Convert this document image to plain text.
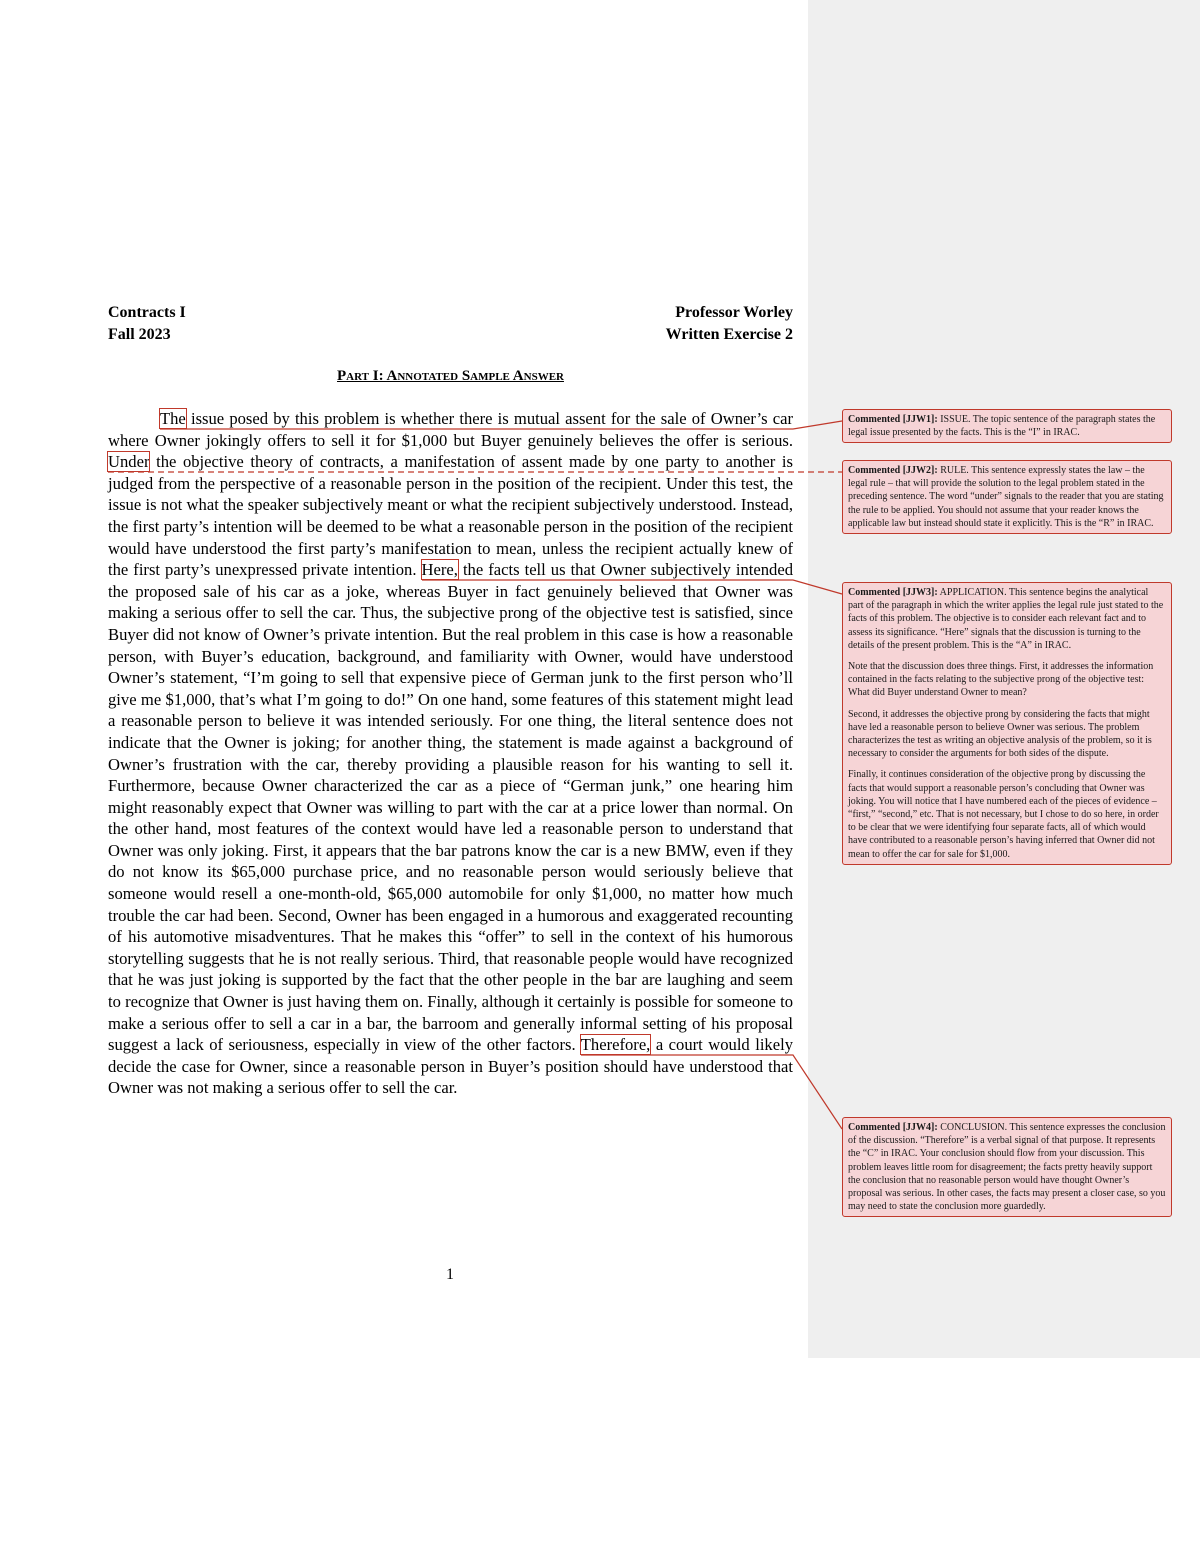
Contracts I
Fall 2023
Professor Worley
Written Exercise 2
Part I: Annotated Sample Answer

The issue posed by this problem is whether there is mutual assent for the sale of Owner’s car where Owner jokingly offers to sell it for $1,000 but Buyer genuinely believes the offer is serious. Under the objective theory of contracts, a manifestation of assent made by one party to another is judged from the perspective of a reasonable person in the position of the recipient. Under this test, the issue is not what the speaker subjectively meant or what the recipient subjectively understood. Instead, the first party’s intention will be deemed to be what a reasonable person in the position of the recipient would have understood the first party’s manifestation to mean, unless the recipient actually knew of the first party’s unexpressed private intention. Here, the facts tell us that Owner subjectively intended the proposed sale of his car as a joke, whereas Buyer in fact genuinely believed that Owner was making a serious offer to sell the car. Thus, the subjective prong of the objective test is satisfied, since Buyer did not know of Owner’s private intention. But the real problem in this case is how a reasonable person, with Buyer’s education, background, and familiarity with Owner, would have understood Owner’s statement, “I’m going to sell that expensive piece of German junk to the first person who’ll give me $1,000, that’s what I’m going to do!” On one hand, some features of this statement might lead a reasonable person to believe it was intended seriously. For one thing, the literal sentence does not indicate that the Owner is joking; for another thing, the statement is made against a background of Owner’s frustration with the car, thereby providing a plausible reason for his wanting to sell it. Furthermore, because Owner characterized the car as a piece of “German junk,” one hearing him might reasonably expect that Owner was willing to part with the car at a price lower than normal. On the other hand, most features of the context would have led a reasonable person to understand that Owner was only joking. First, it appears that the bar patrons know the car is a new BMW, even if they do not know its $65,000 purchase price, and no reasonable person would seriously believe that someone would resell a one-month-old, $65,000 automobile for only $1,000, no matter how much trouble the car had been. Second, Owner has been engaged in a humorous and exaggerated recounting of his automotive misadventures. That he makes this “offer” to sell in the context of his humorous storytelling suggests that he is not really serious. Third, that reasonable people would have recognized that he was just joking is supported by the fact that the other people in the bar are laughing and seem to recognize that Owner is just having them on. Finally, although it certainly is possible for someone to make a serious offer to sell a car in a bar, the barroom and generally informal setting of his proposal suggest a lack of seriousness, especially in view of the other factors. Therefore, a court would likely decide the case for Owner, since a reasonable person in Buyer’s position should have understood that Owner was not making a serious offer to sell the car.

1

Commented [JJW1]: ISSUE. The topic sentence of the paragraph states the legal issue presented by the facts. This is the “I” in IRAC.

Commented [JJW2]: RULE. This sentence expressly states the law – the legal rule – that will provide the solution to the legal problem stated in the preceding sentence. The word “under” signals to the reader that you are stating the rule to be applied. You should not assume that your reader knows the applicable law but instead should state it explicitly. This is the “R” in IRAC.

Commented [JJW3]: APPLICATION. This sentence begins the analytical part of the paragraph in which the writer applies the legal rule just stated to the facts of this problem. The objective is to consider each relevant fact and to assess its significance. “Here” signals that the discussion is turning to the details of the present problem. This is the “A” in IRAC.

Note that the discussion does three things. First, it addresses the information contained in the facts relating to the subjective prong of the objective test: What did Buyer understand Owner to mean?

Second, it addresses the objective prong by considering the facts that might have led a reasonable person to believe Owner was serious. The problem characterizes the test as writing an objective analysis of the problem, so it is necessary to consider the arguments for both sides of the dispute.

Finally, it continues consideration of the objective prong by discussing the facts that would support a reasonable person’s concluding that Owner was joking. You will notice that I have numbered each of the pieces of evidence – “first,” “second,” etc. That is not necessary, but I chose to do so here, in order to be clear that we were identifying four separate facts, all of which would have contributed to a reasonable person’s having inferred that Owner did not mean to offer the car for sale for $1,000.

Commented [JJW4]: CONCLUSION. This sentence expresses the conclusion of the discussion. “Therefore” is a verbal signal of that purpose. It represents the “C” in IRAC. Your conclusion should flow from your discussion. This problem leaves little room for disagreement; the facts pretty heavily support the conclusion that no reasonable person would have thought Owner’s proposal was serious. In other cases, the facts may present a closer case, so you may need to state the conclusion more guardedly.
